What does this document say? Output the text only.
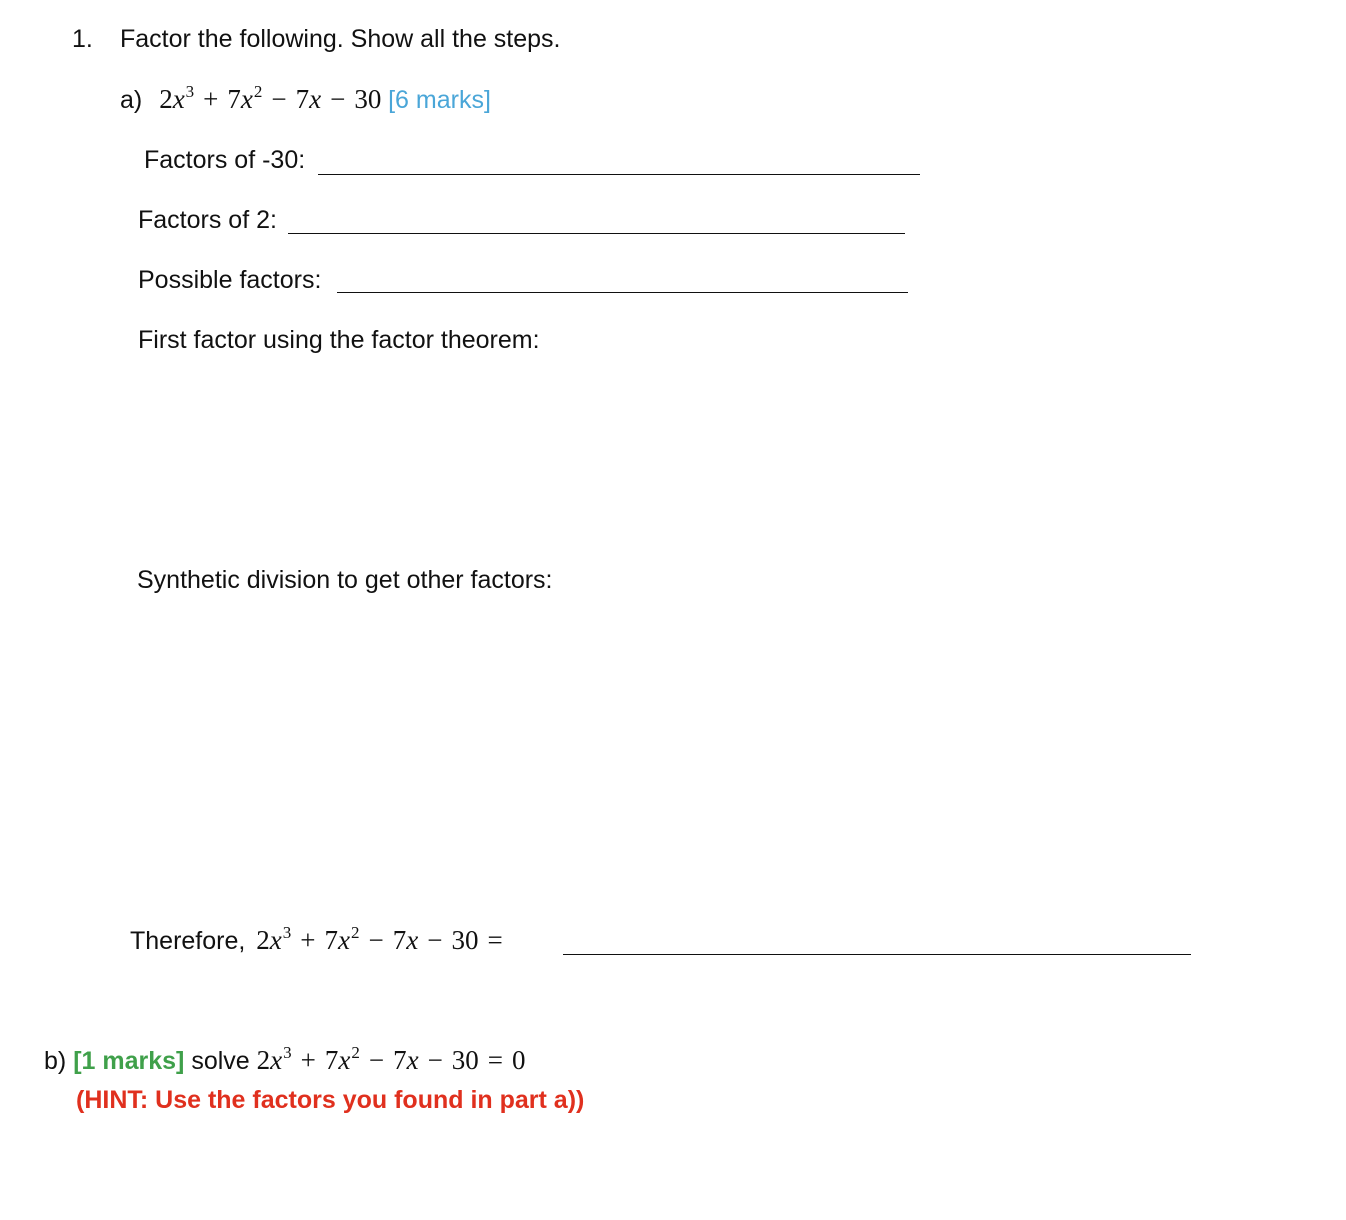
1. Factor the following. Show all the steps.
a) $2x^3 + 7x^2 - 7x - 30$ [6 marks]
Factors of -30:
Factors of 2:
Possible factors:
First factor using the factor theorem:
Synthetic division to get other factors:
Therefore, $2x^3 + 7x^2 - 7x - 30$ =
b) [1 marks] solve $2x^3 + 7x^2 - 7x - 30 = 0$
(HINT: Use the factors you found in part a))
